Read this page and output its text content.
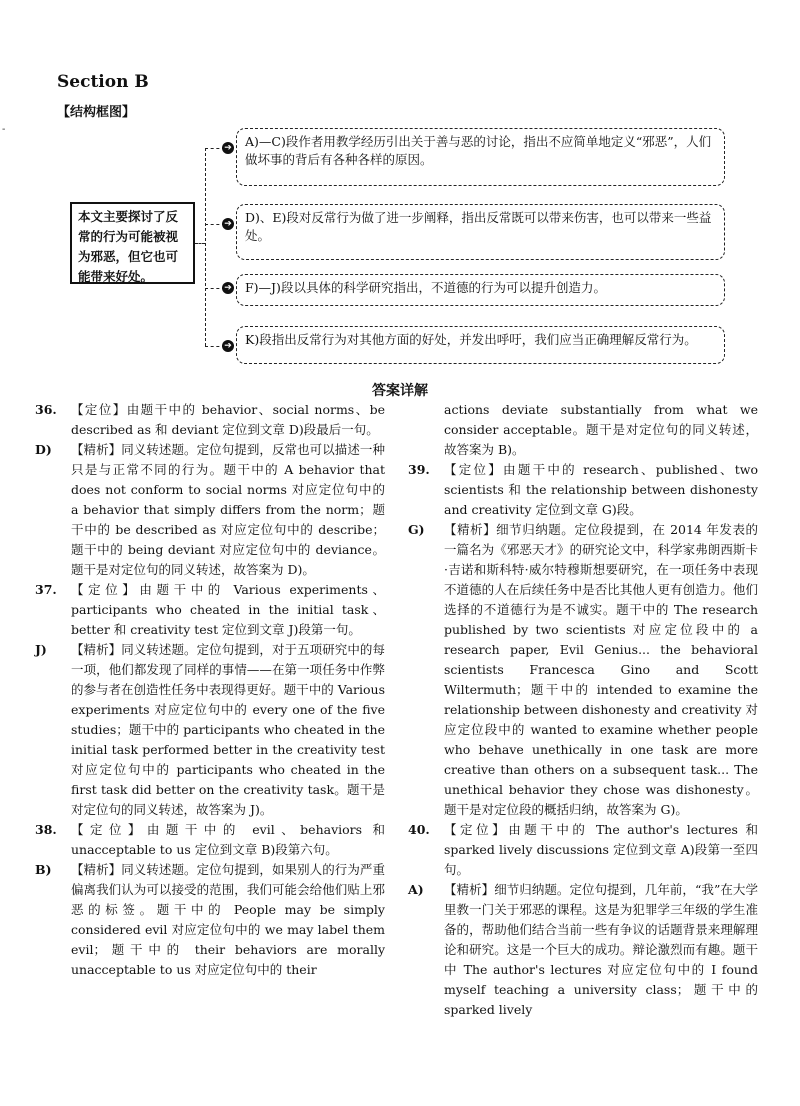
-
Section B
【结构框图】
本文主要探讨了反常的行为可能被视为邪恶，但它也可能带来好处。
➔	A)—C)段作者用教学经历引出关于善与恶的讨论，指出不应简单地定义“邪恶”，人们做坏事的背后有各种各样的原因。
➔	D)、E)段对反常行为做了进一步阐释，指出反常既可以带来伤害，也可以带来一些益处。
➔	F)—J)段以具体的科学研究指出，不道德的行为可以提升创造力。
➔	K)段指出反常行为对其他方面的好处，并发出呼吁，我们应当正确理解反常行为。
答案详解
36. 【定位】由题干中的 behavior、social norms、be described as 和 deviant 定位到文章 D)段最后一句。
D) 【精析】同义转述题。定位句提到，反常也可以描述一种只是与正常不同的行为。题干中的 A behavior that does not conform to social norms 对应定位句中的 a behavior that simply differs from the norm；题干中的 be described as 对应定位句中的 describe；题干中的 being deviant 对应定位句中的 deviance。题干是对定位句的同义转述，故答案为 D)。
37. 【定位】由题干中的 Various experiments、participants who cheated in the initial task、better 和 creativity test 定位到文章 J)段第一句。
J) 【精析】同义转述题。定位句提到，对于五项研究中的每一项，他们都发现了同样的事情——在第一项任务中作弊的参与者在创造性任务中表现得更好。题干中的 Various experiments 对应定位句中的 every one of the five studies；题干中的 participants who cheated in the initial task performed better in the creativity test 对应定位句中的 participants who cheated in the first task did better on the creativity task。题干是对定位句的同义转述，故答案为 J)。
38. 【定位】由题干中的 evil、behaviors 和 unacceptable to us 定位到文章 B)段第六句。
B) 【精析】同义转述题。定位句提到，如果别人的行为严重偏离我们认为可以接受的范围，我们可能会给他们贴上邪恶的标签。题干中的 People may be simply considered evil 对应定位句中的 we may label them evil；题干中的 their behaviors are morally unacceptable to us 对应定位句中的 their
actions deviate substantially from what we consider acceptable。题干是对定位句的同义转述，故答案为 B)。
39. 【定位】由题干中的 research、published、two scientists 和 the relationship between dishonesty and creativity 定位到文章 G)段。
G) 【精析】细节归纳题。定位段提到，在 2014 年发表的一篇名为《邪恶天才》的研究论文中，科学家弗朗西斯卡·吉诺和斯科特·威尔特穆斯想要研究，在一项任务中表现不道德的人在后续任务中是否比其他人更有创造力。他们选择的不道德行为是不诚实。题干中的 The research published by two scientists 对应定位段中的 a research paper, Evil Genius... the behavioral scientists Francesca Gino and Scott Wiltermuth；题干中的 intended to examine the relationship between dishonesty and creativity 对应定位段中的 wanted to examine whether people who behave unethically in one task are more creative than others on a subsequent task... The unethical behavior they chose was dishonesty。题干是对定位段的概括归纳，故答案为 G)。
40. 【定位】由题干中的 The author's lectures 和 sparked lively discussions 定位到文章 A)段第一至四句。
A) 【精析】细节归纳题。定位句提到，几年前，“我”在大学里教一门关于邪恶的课程。这是为犯罪学三年级的学生准备的，帮助他们结合当前一些有争议的话题背景来理解理论和研究。这是一个巨大的成功。辩论激烈而有趣。题干中 The author's lectures 对应定位句中的 I found myself teaching a university class；题干中的 sparked lively
